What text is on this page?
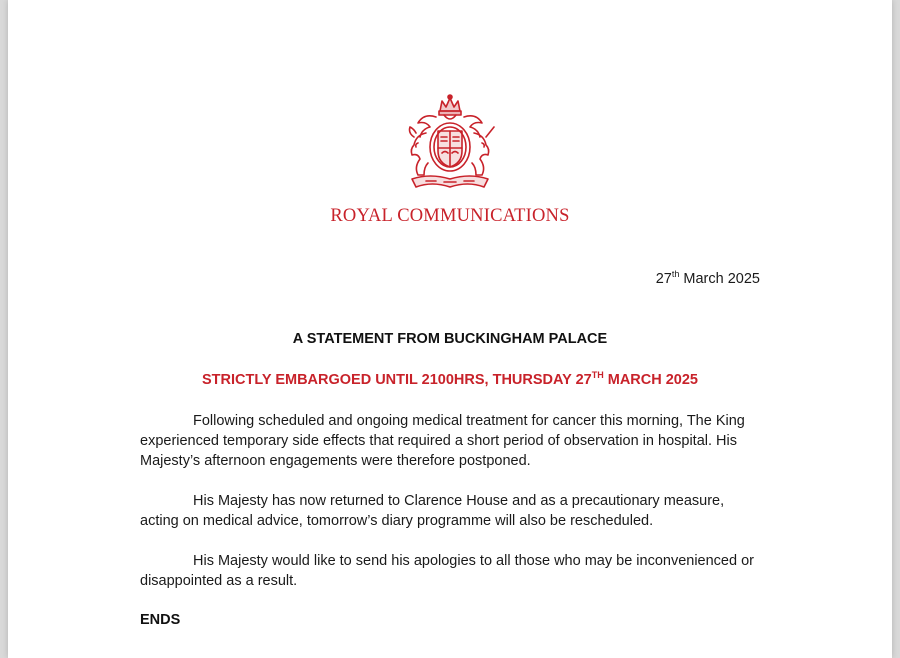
ROYAL COMMUNICATIONS
27th March 2025
A STATEMENT FROM BUCKINGHAM PALACE
STRICTLY EMBARGOED UNTIL 2100HRS, THURSDAY 27TH MARCH 2025

Following scheduled and ongoing medical treatment for cancer this morning, The King experienced temporary side effects that required a short period of observation in hospital. His Majesty’s afternoon engagements were therefore postponed.

His Majesty has now returned to Clarence House and as a precautionary measure, acting on medical advice, tomorrow’s diary programme will also be rescheduled.

His Majesty would like to send his apologies to all those who may be inconvenienced or disappointed as a result.

ENDS
